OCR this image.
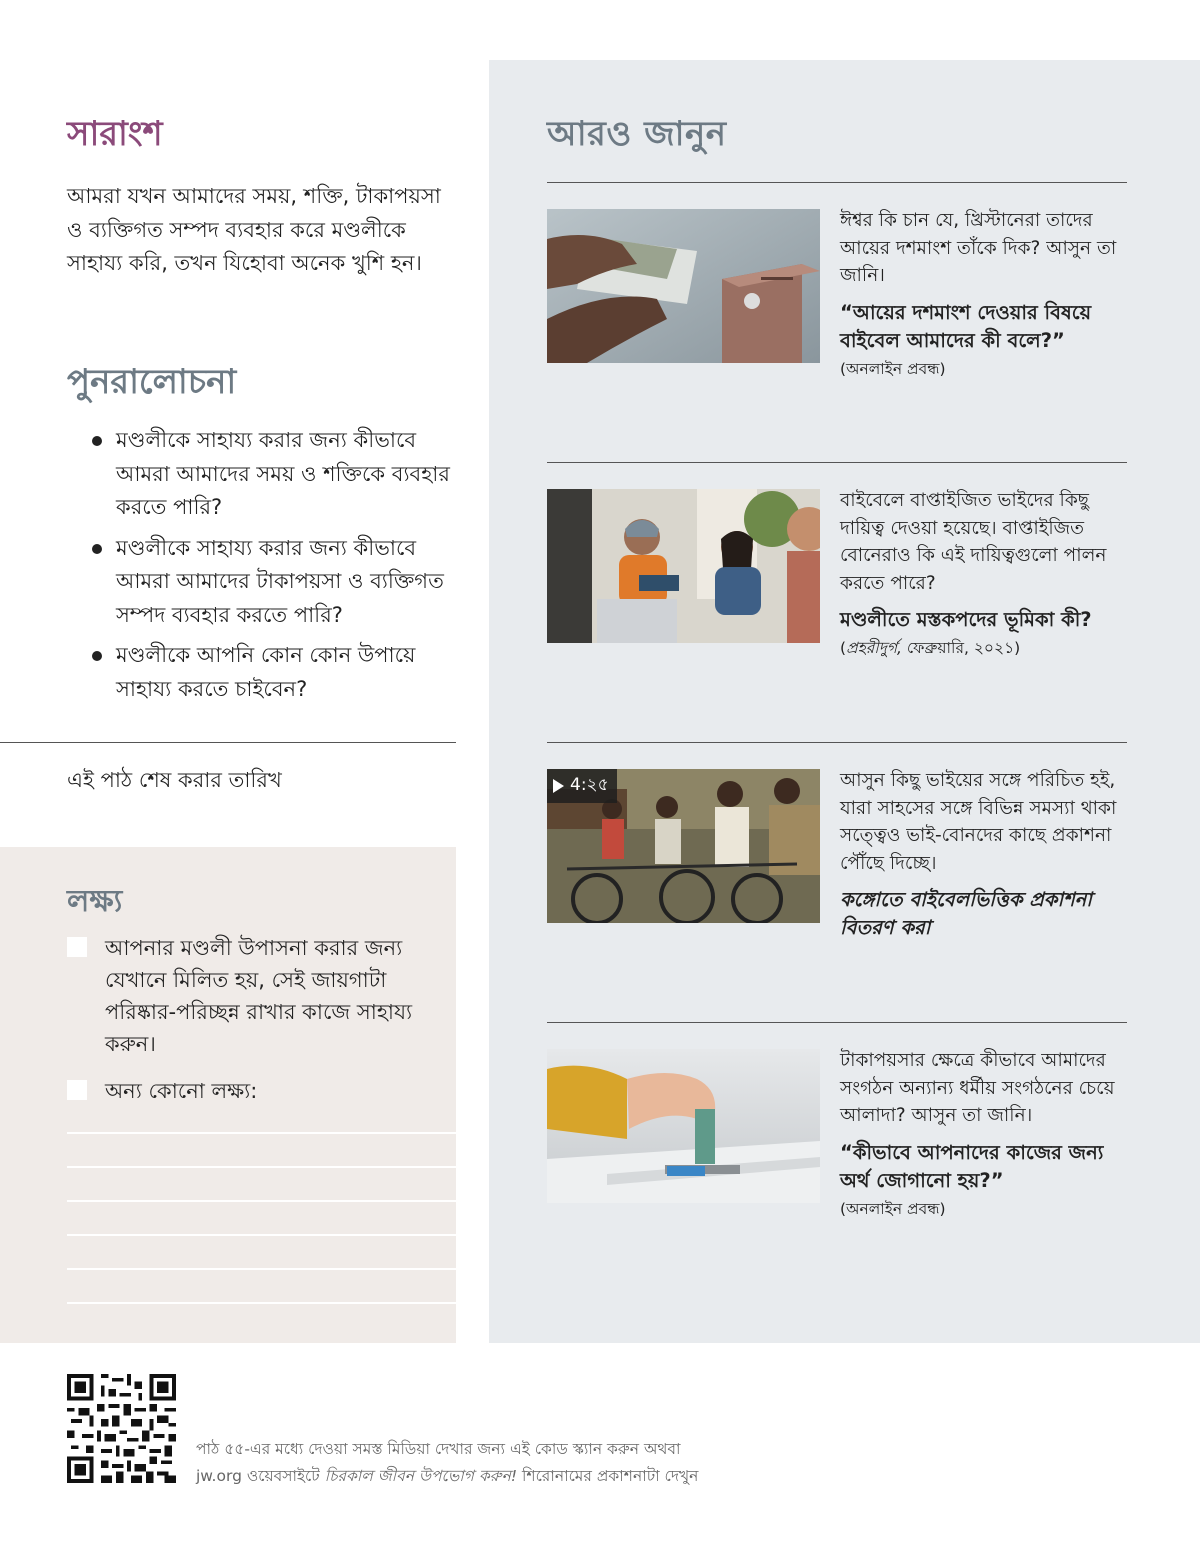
সারাংশ

আমরা যখন আমাদের সময়, শক্তি, টাকাপয়সা ও ব্যক্তিগত সম্পদ ব্যবহার করে মণ্ডলীকে সাহায্য করি, তখন যিহোবা অনেক খুশি হন।

পুনরালোচনা
মণ্ডলীকে সাহায্য করার জন্য কীভাবে আমরা আমাদের সময় ও শক্তিকে ব্যবহার করতে পারি?
মণ্ডলীকে সাহায্য করার জন্য কীভাবে আমরা আমাদের টাকাপয়সা ও ব্যক্তিগত সম্পদ ব্যবহার করতে পারি?
মণ্ডলীকে আপনি কোন কোন উপায়ে সাহায্য করতে চাইবেন?
এই পাঠ শেষ করার তারিখ
লক্ষ্য
আপনার মণ্ডলী উপাসনা করার জন্য যেখানে মিলিত হয়, সেই জায়গাটা পরিষ্কার-পরিচ্ছন্ন রাখার কাজে সাহায্য করুন।
অন্য কোনো লক্ষ্য:
আরও জানুন

ঈশ্বর কি চান যে, খ্রিস্টানেরা তাদের আয়ের দশমাংশ তাঁকে দিক? আসুন তা জানি।

“আয়ের দশমাংশ দেওয়ার বিষয়ে বাইবেল আমাদের কী বলে?”

(অনলাইন প্রবন্ধ)

বাইবেলে বাপ্তাইজিত ভাইদের কিছু দায়িত্ব দেওয়া হয়েছে। বাপ্তাইজিত বোনেরাও কি এই দায়িত্বগুলো পালন করতে পারে?

মণ্ডলীতে মস্তকপদের ভূমিকা কী?

(প্রহরীদুর্গ, ফেব্রুয়ারি, ২০২১)

4:২৫	আসুন কিছু ভাইয়ের সঙ্গে পরিচিত হই, যারা সাহসের সঙ্গে বিভিন্ন সমস্যা থাকা সত্ত্বেও ভাই-বোনদের কাছে প্রকাশনা পৌঁছে দিচ্ছে।

কঙ্গোতে বাইবেলভিত্তিক প্রকাশনা বিতরণ করা

টাকাপয়সার ক্ষেত্রে কীভাবে আমাদের সংগঠন অন্যান্য ধর্মীয় সংগঠনের চেয়ে আলাদা? আসুন তা জানি।

“কীভাবে আপনাদের কাজের জন্য অর্থ জোগানো হয়?”

(অনলাইন প্রবন্ধ)

পাঠ ৫৫-এর মধ্যে দেওয়া সমস্ত মিডিয়া দেখার জন্য এই কোড স্ক্যান করুন অথবা
jw.org ওয়েবসাইটে চিরকাল জীবন উপভোগ করুন! শিরোনামের প্রকাশনাটা দেখুন
